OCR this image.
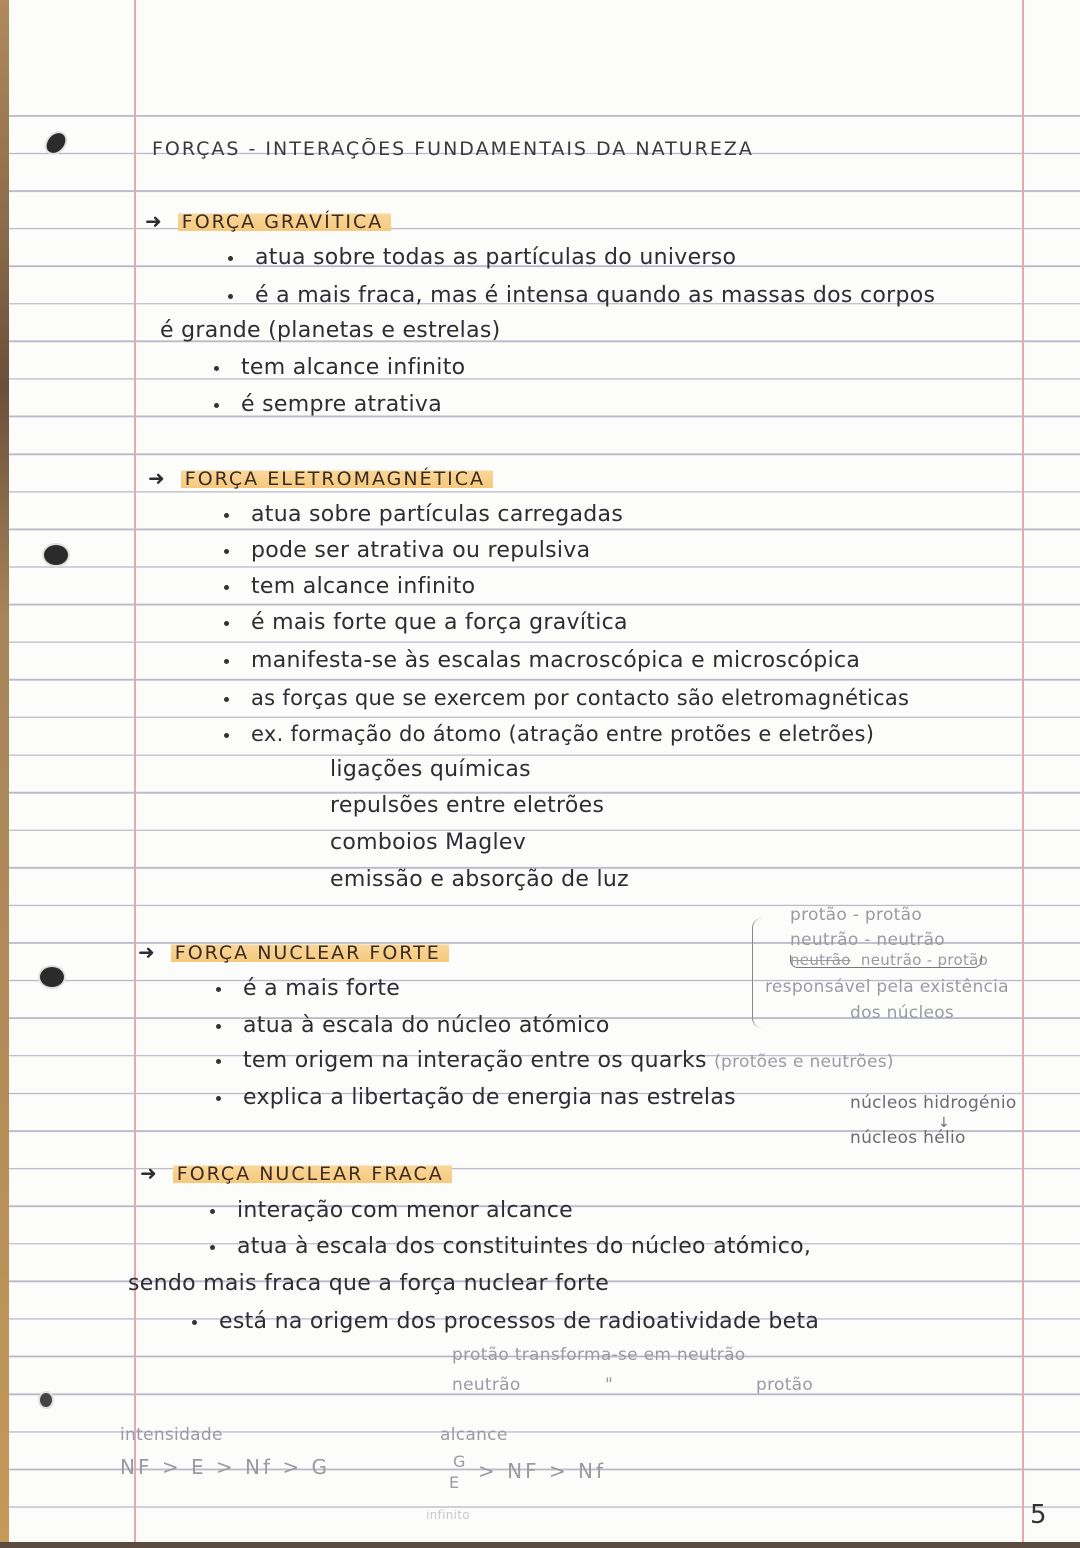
FORÇAS - INTERAÇÕES FUNDAMENTAIS DA NATUREZA
➜ FORÇA GRAVÍTICA
atua sobre todas as partículas do universo
é a mais fraca, mas é intensa quando as massas dos corpos
é grande (planetas e estrelas)
tem alcance infinito
é sempre atrativa
➜ FORÇA ELETROMAGNÉTICA
atua sobre partículas carregadas
pode ser atrativa ou repulsiva
tem alcance infinito
é mais forte que a força gravítica
manifesta-se às escalas macroscópica e microscópica
as forças que se exercem por contacto são eletromagnéticas
ex. formação do átomo (atração entre protões e eletrões)
ligações químicas
repulsões entre eletrões
comboios Maglev
emissão e absorção de luz
➜ FORÇA NUCLEAR FORTE
é a mais forte
atua à escala do núcleo atómico
tem origem na interação entre os quarks (protões e neutrões)
explica a libertação de energia nas estrelas	núcleos hidrogénio
↓
núcleos hélio
protão - protão
neutrão - neutrão
neutrão neutrão - protão
responsável pela existência
dos núcleos
➜ FORÇA NUCLEAR FRACA
interação com menor alcance
atua à escala dos constituintes do núcleo atómico,
sendo mais fraca que a força nuclear forte
está na origem dos processos de radioatividade beta
protão transforma-se em neutrão
neutrão	"	protão
intensidade
NF > E > Nf > G
alcance
G
E > NF > Nf
infinito	5
